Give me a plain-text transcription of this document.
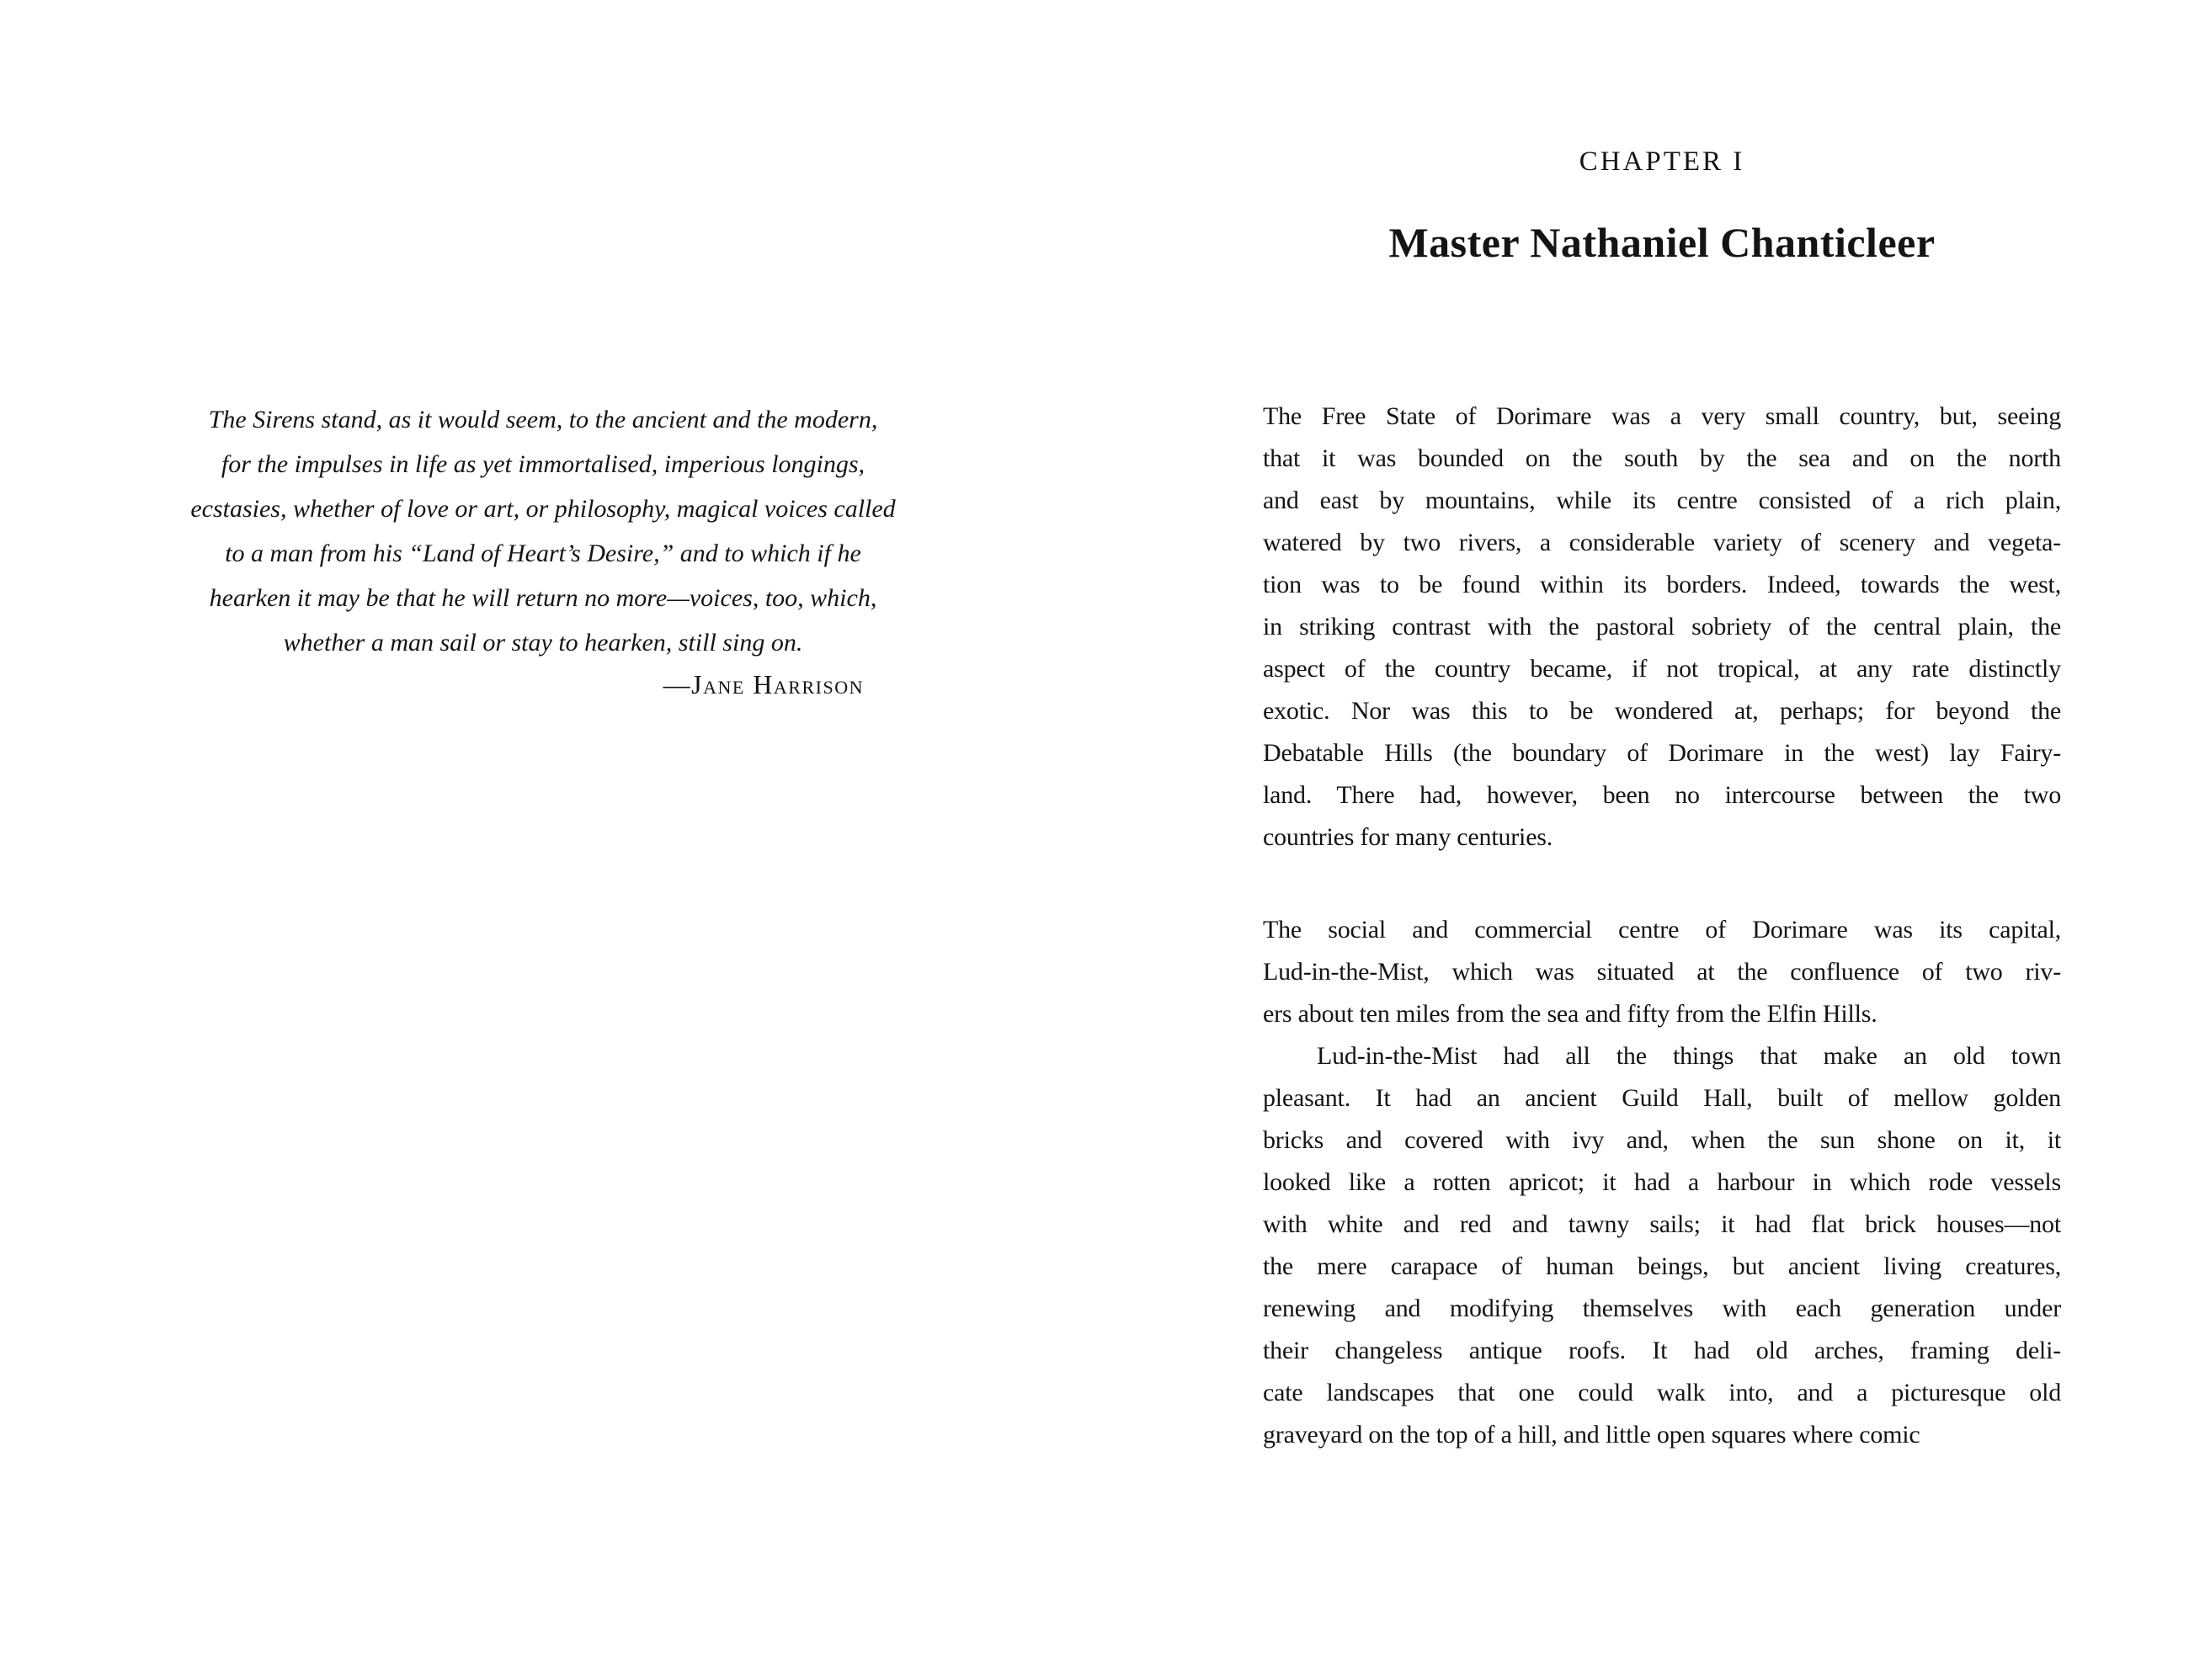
The Sirens stand, as it would seem, to the ancient and the modern,
for the impulses in life as yet immortalised, imperious longings,
ecstasies, whether of love or art, or philosophy, magical voices called
to a man from his “Land of Heart’s Desire,” and to which if he
hearken it may be that he will return no more—voices, too, which,
whether a man sail or stay to hearken, still sing on.
—Jane Harrison
CHAPTER I
Master Nathaniel Chanticleer
The Free State of Dorimare was a very small country, but, seeing
that it was bounded on the south by the sea and on the north
and east by mountains, while its centre consisted of a rich plain,
watered by two rivers, a considerable variety of scenery and vegeta-
tion was to be found within its borders. Indeed, towards the west,
in striking contrast with the pastoral sobriety of the central plain, the
aspect of the country became, if not tropical, at any rate distinctly
exotic. Nor was this to be wondered at, perhaps; for beyond the
Debatable Hills (the boundary of Dorimare in the west) lay Fairy-
land. There had, however, been no intercourse between the two
countries for many centuries.
The social and commercial centre of Dorimare was its capital,
Lud-in-the-Mist, which was situated at the confluence of two riv-
ers about ten miles from the sea and fifty from the Elfin Hills.
Lud-in-the-Mist had all the things that make an old town
pleasant. It had an ancient Guild Hall, built of mellow golden
bricks and covered with ivy and, when the sun shone on it, it
looked like a rotten apricot; it had a harbour in which rode vessels
with white and red and tawny sails; it had flat brick houses—not
the mere carapace of human beings, but ancient living creatures,
renewing and modifying themselves with each generation under
their changeless antique roofs. It had old arches, framing deli-
cate landscapes that one could walk into, and a picturesque old
graveyard on the top of a hill, and little open squares where comic
